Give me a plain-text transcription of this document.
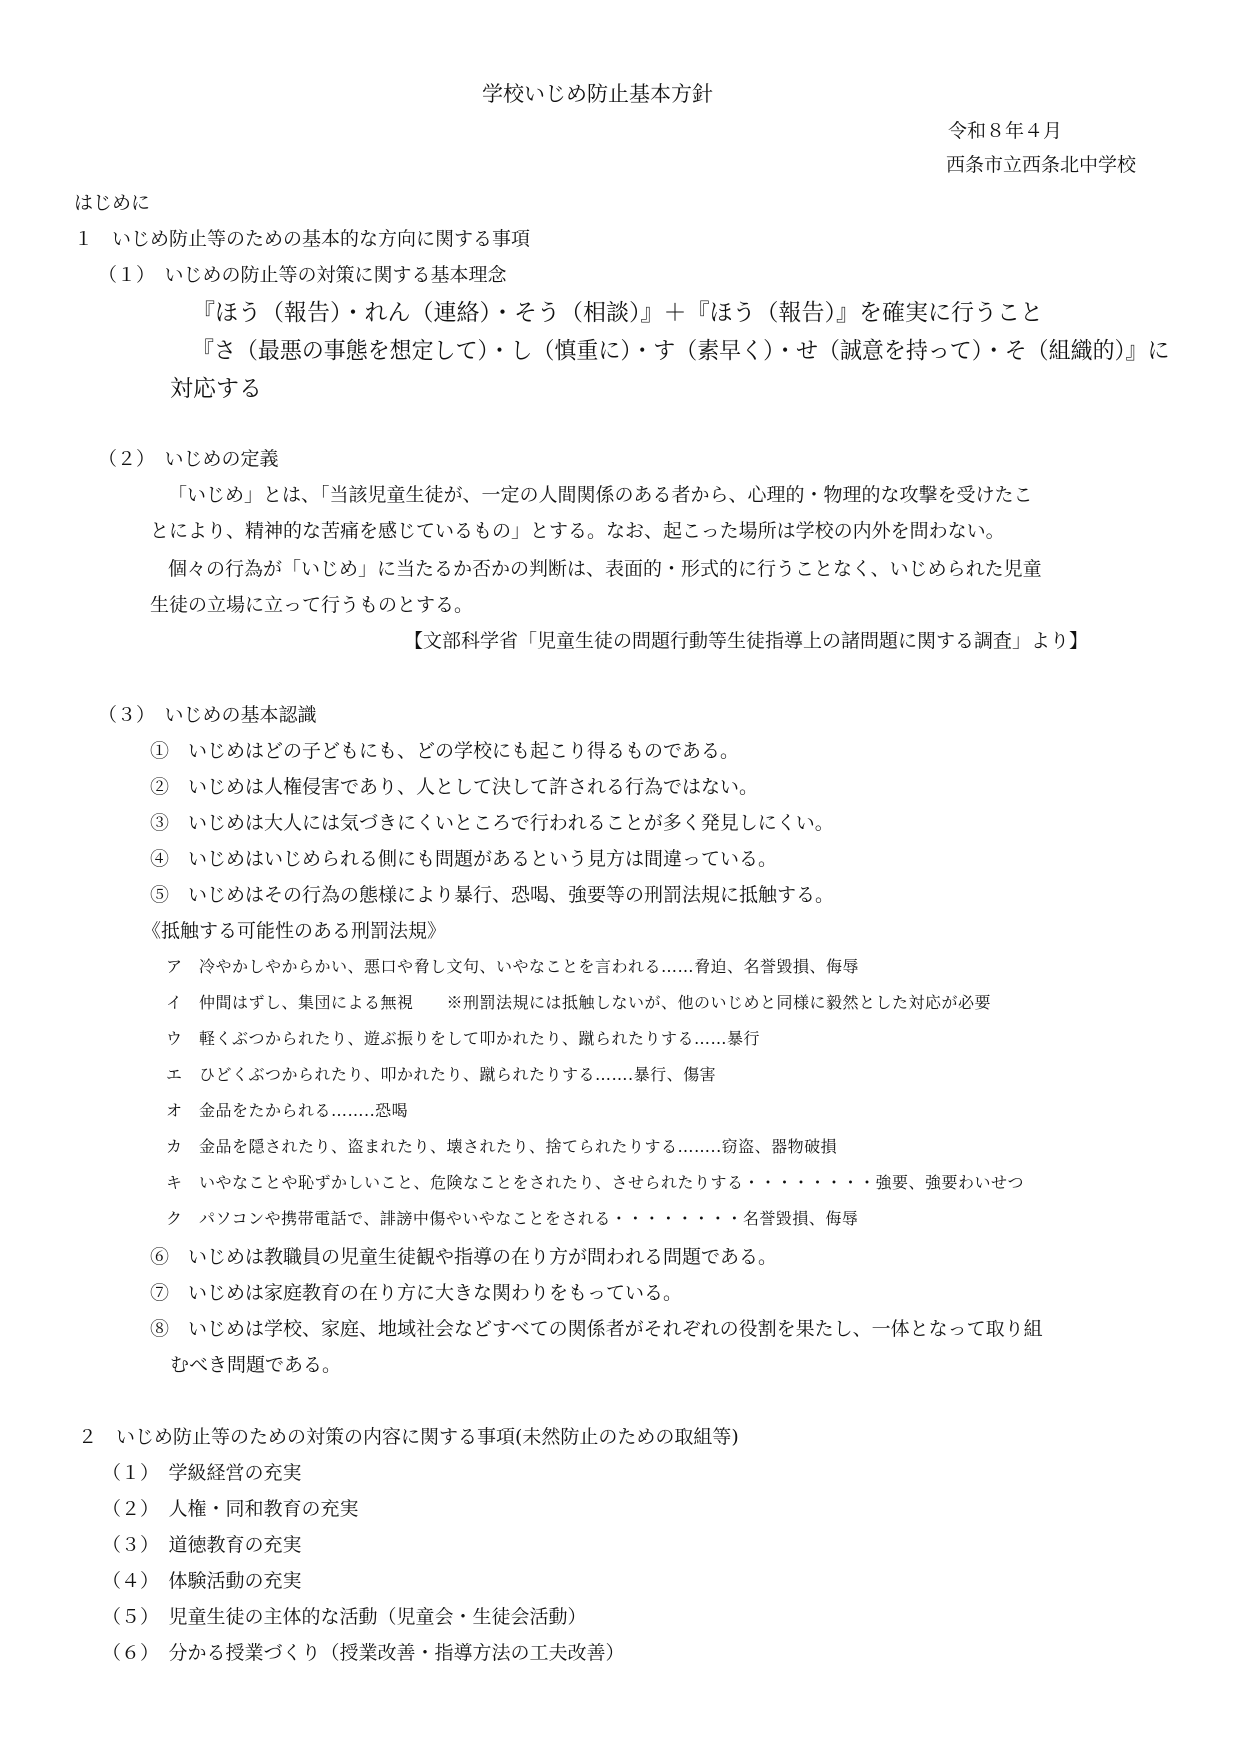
学校いじめ防止基本方針
令和８年４月
西条市立西条北中学校
はじめに
１　いじめ防止等のための基本的な方向に関する事項
（１）　いじめの防止等の対策に関する基本理念
『ほう（報告）・れん（連絡）・そう（相談）』＋『ほう（報告）』を確実に行うこと
『さ（最悪の事態を想定して）・し（慎重に）・す（素早く）・せ（誠意を持って）・そ（組織的）』に
対応する
（２）　いじめの定義
「いじめ」とは、「当該児童生徒が、一定の人間関係のある者から、心理的・物理的な攻撃を受けたこ
とにより、精神的な苦痛を感じているもの」とする。なお、起こった場所は学校の内外を問わない。
個々の行為が「いじめ」に当たるか否かの判断は、表面的・形式的に行うことなく、いじめられた児童
生徒の立場に立って行うものとする。
【文部科学省「児童生徒の問題行動等生徒指導上の諸問題に関する調査」より】
（３）　いじめの基本認識
①　いじめはどの子どもにも、どの学校にも起こり得るものである。
②　いじめは人権侵害であり、人として決して許される行為ではない。
③　いじめは大人には気づきにくいところで行われることが多く発見しにくい。
④　いじめはいじめられる側にも問題があるという見方は間違っている。
⑤　いじめはその行為の態様により暴行、恐喝、強要等の刑罰法規に抵触する。
《抵触する可能性のある刑罰法規》
ア　冷やかしやからかい、悪口や脅し文句、いやなことを言われる……脅迫、名誉毀損、侮辱
イ　仲間はずし、集団による無視　　※刑罰法規には抵触しないが、他のいじめと同様に毅然とした対応が必要
ウ　軽くぶつかられたり、遊ぶ振りをして叩かれたり、蹴られたりする……暴行
エ　ひどくぶつかられたり、叩かれたり、蹴られたりする…….暴行、傷害
オ　金品をたかられる……..恐喝
カ　金品を隠されたり、盗まれたり、壊されたり、捨てられたりする……..窃盗、器物破損
キ　いやなことや恥ずかしいこと、危険なことをされたり、させられたりする・・・・・・・・強要、強要わいせつ
ク　パソコンや携帯電話で、誹謗中傷やいやなことをされる・・・・・・・・名誉毀損、侮辱
⑥　いじめは教職員の児童生徒観や指導の在り方が問われる問題である。
⑦　いじめは家庭教育の在り方に大きな関わりをもっている。
⑧　いじめは学校、家庭、地域社会などすべての関係者がそれぞれの役割を果たし、一体となって取り組
むべき問題である。
２　いじめ防止等のための対策の内容に関する事項(未然防止のための取組等)
（１）　学級経営の充実
（２）　人権・同和教育の充実
（３）　道徳教育の充実
（４）　体験活動の充実
（５）　児童生徒の主体的な活動（児童会・生徒会活動）
（６）　分かる授業づくり（授業改善・指導方法の工夫改善）
